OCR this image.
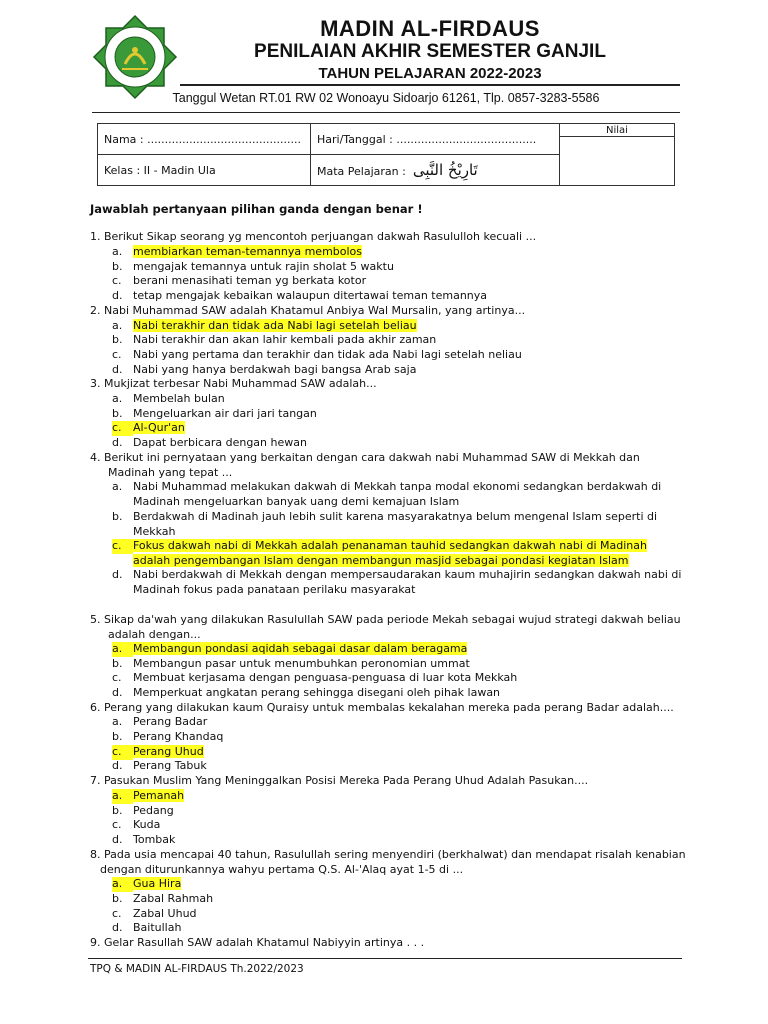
MADIN AL-FIRDAUS
PENILAIAN AKHIR SEMESTER GANJIL
TAHUN PELAJARAN 2022-2023
Tanggul Wetan RT.01 RW 02 Wonoayu Sidoarjo 61261, Tlp. 0857-3283-5586
Nama : ............................................	Hari/Tanggal : ........................................	Nilai

Kelas : II - Madin Ula	Mata Pelajaran : تَارِيْخُ النَّبِى	
Jawablah pertanyaan pilihan ganda dengan benar !
1. Berikut Sikap seorang yg mencontoh perjuangan dakwah Rasululloh kecuali ...
a. membiarkan teman-temannya membolos
b. mengajak temannya untuk rajin sholat 5 waktu
c. berani menasihati teman yg berkata kotor
d. tetap mengajak kebaikan walaupun ditertawai teman temannya
2. Nabi Muhammad SAW adalah Khatamul Anbiya Wal Mursalin, yang artinya...
a. Nabi terakhir dan tidak ada Nabi lagi setelah beliau
b. Nabi terakhir dan akan lahir kembali pada akhir zaman
c. Nabi yang pertama dan terakhir dan tidak ada Nabi lagi setelah neliau
d. Nabi yang hanya berdakwah bagi bangsa Arab saja
3. Mukjizat terbesar Nabi Muhammad SAW adalah...
a. Membelah bulan
b. Mengeluarkan air dari jari tangan
c. Al-Qur'an
d. Dapat berbicara dengan hewan
4. Berikut ini pernyataan yang berkaitan dengan cara dakwah nabi Muhammad SAW di Mekkah dan
Madinah yang tepat ...
a. Nabi Muhammad melakukan dakwah di Mekkah tanpa modal ekonomi sedangkan berdakwah di
Madinah mengeluarkan banyak uang demi kemajuan Islam
b. Berdakwah di Madinah jauh lebih sulit karena masyarakatnya belum mengenal Islam seperti di
Mekkah
c. Fokus dakwah nabi di Mekkah adalah penanaman tauhid sedangkan dakwah nabi di Madinah
adalah pengembangan Islam dengan membangun masjid sebagai pondasi kegiatan Islam
d. Nabi berdakwah di Mekkah dengan mempersaudarakan kaum muhajirin sedangkan dakwah nabi di
Madinah fokus pada panataan perilaku masyarakat
5. Sikap da'wah yang dilakukan Rasulullah SAW pada periode Mekah sebagai wujud strategi dakwah beliau
adalah dengan...
a. Membangun pondasi aqidah sebagai dasar dalam beragama
b. Membangun pasar untuk menumbuhkan peronomian ummat
c. Membuat kerjasama dengan penguasa-penguasa di luar kota Mekkah
d. Memperkuat angkatan perang sehingga disegani oleh pihak lawan
6. Perang yang dilakukan kaum Quraisy untuk membalas kekalahan mereka pada perang Badar adalah....
a. Perang Badar
b. Perang Khandaq
c. Perang Uhud
d. Perang Tabuk
7. Pasukan Muslim Yang Meninggalkan Posisi Mereka Pada Perang Uhud Adalah Pasukan....
a. Pemanah
b. Pedang
c. Kuda
d. Tombak
8. Pada usia mencapai 40 tahun, Rasulullah sering menyendiri (berkhalwat) dan mendapat risalah kenabian
dengan diturunkannya wahyu pertama Q.S. Al-'Alaq ayat 1-5 di ...
a. Gua Hira
b. Zabal Rahmah
c. Zabal Uhud
d. Baitullah
9. Gelar Rasullah SAW adalah Khatamul Nabiyyin artinya . . .
TPQ & MADIN AL-FIRDAUS Th.2022/2023
